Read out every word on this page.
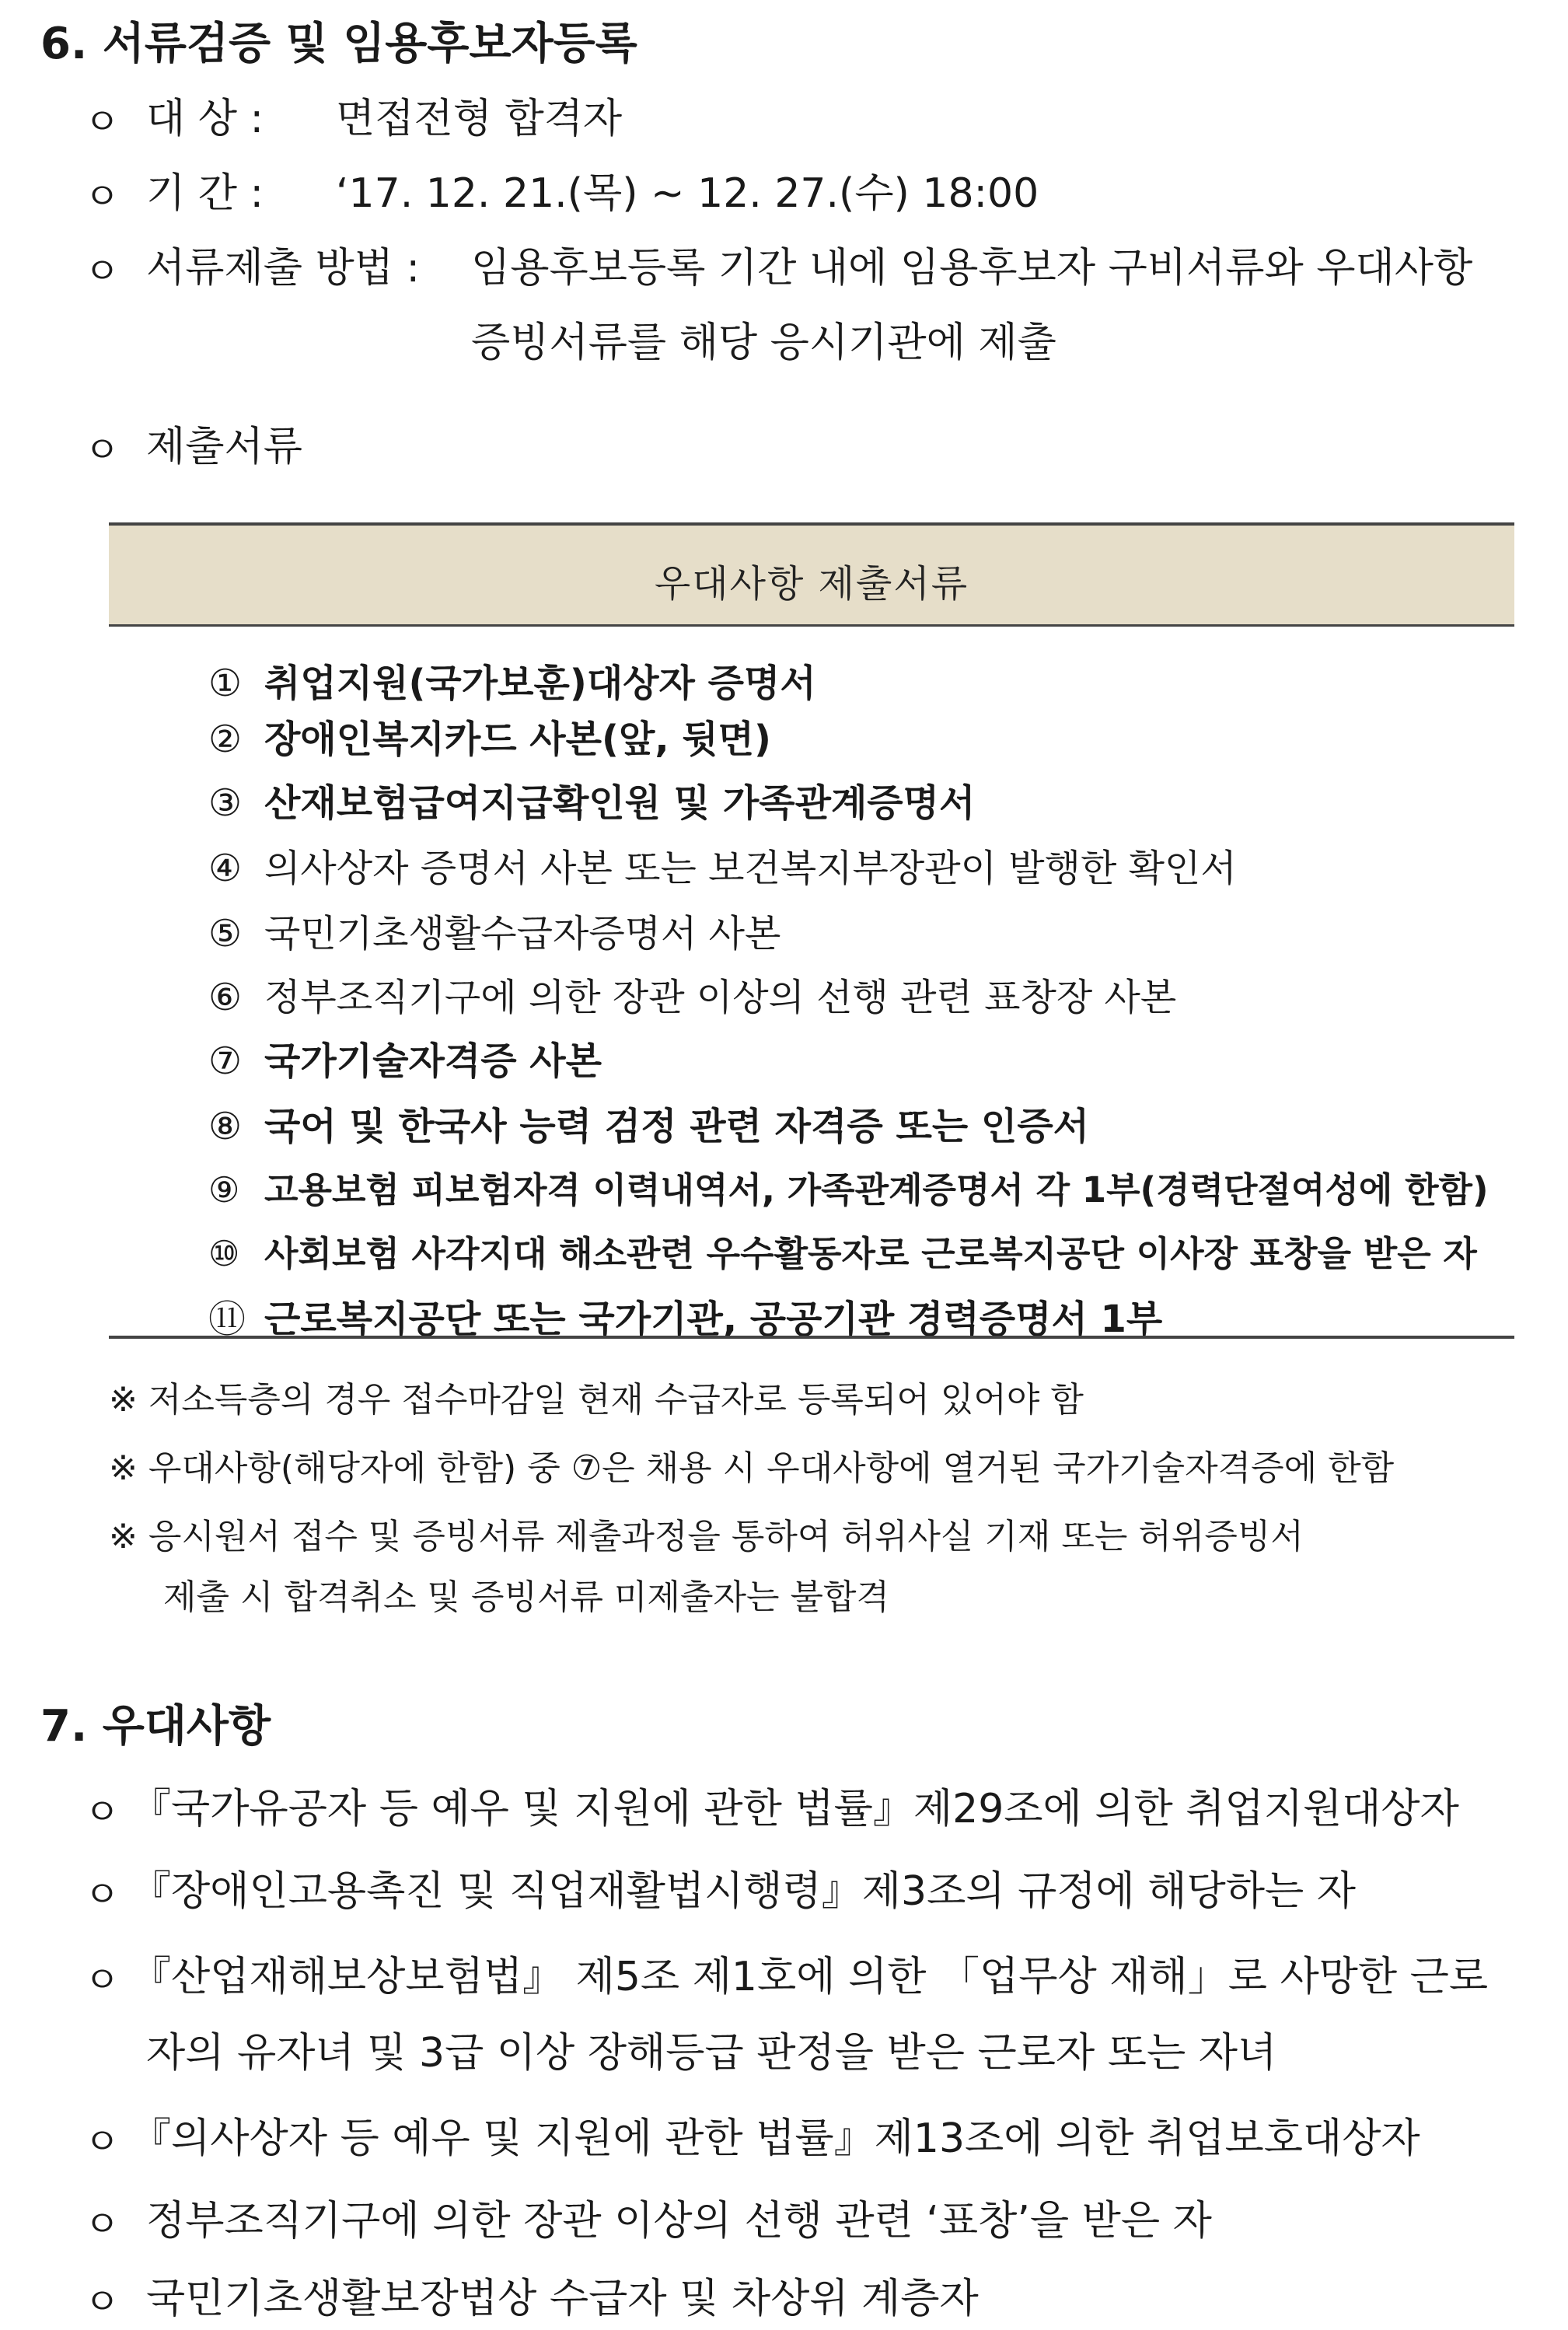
6. 서류검증 및 임용후보자등록
ㅇ 대 상 : 면접전형 합격자
ㅇ 기 간 : ‘17. 12. 21.(목) ~ 12. 27.(수) 18:00
ㅇ 서류제출 방법 : 임용후보등록 기간 내에 임용후보자 구비서류와 우대사항
증빙서류를 해당 응시기관에 제출
ㅇ 제출서류
우대사항 제출서류
① 취업지원(국가보훈)대상자 증명서
② 장애인복지카드 사본(앞, 뒷면)
③ 산재보험급여지급확인원 및 가족관계증명서
④ 의사상자 증명서 사본 또는 보건복지부장관이 발행한 확인서
⑤ 국민기초생활수급자증명서 사본
⑥ 정부조직기구에 의한 장관 이상의 선행 관련 표창장 사본
⑦ 국가기술자격증 사본
⑧ 국어 및 한국사 능력 검정 관련 자격증 또는 인증서
⑨ 고용보험 피보험자격 이력내역서, 가족관계증명서 각 1부(경력단절여성에 한함)
⑩ 사회보험 사각지대 해소관련 우수활동자로 근로복지공단 이사장 표창을 받은 자
⑪ 근로복지공단 또는 국가기관, 공공기관 경력증명서 1부
※ 저소득층의 경우 접수마감일 현재 수급자로 등록되어 있어야 함
※ 우대사항(해당자에 한함) 중 ⑦은 채용 시 우대사항에 열거된 국가기술자격증에 한함
※ 응시원서 접수 및 증빙서류 제출과정을 통하여 허위사실 기재 또는 허위증빙서
제출 시 합격취소 및 증빙서류 미제출자는 불합격
7. 우대사항
ㅇ 『국가유공자 등 예우 및 지원에 관한 법률』제29조에 의한 취업지원대상자
ㅇ 『장애인고용촉진 및 직업재활법시행령』제3조의 규정에 해당하는 자
ㅇ 『산업재해보상보험법』 제5조 제1호에 의한 「업무상 재해」로 사망한 근로
자의 유자녀 및 3급 이상 장해등급 판정을 받은 근로자 또는 자녀
ㅇ 『의사상자 등 예우 및 지원에 관한 법률』제13조에 의한 취업보호대상자
ㅇ 정부조직기구에 의한 장관 이상의 선행 관련 ‘표창’을 받은 자
ㅇ 국민기초생활보장법상 수급자 및 차상위 계층자
